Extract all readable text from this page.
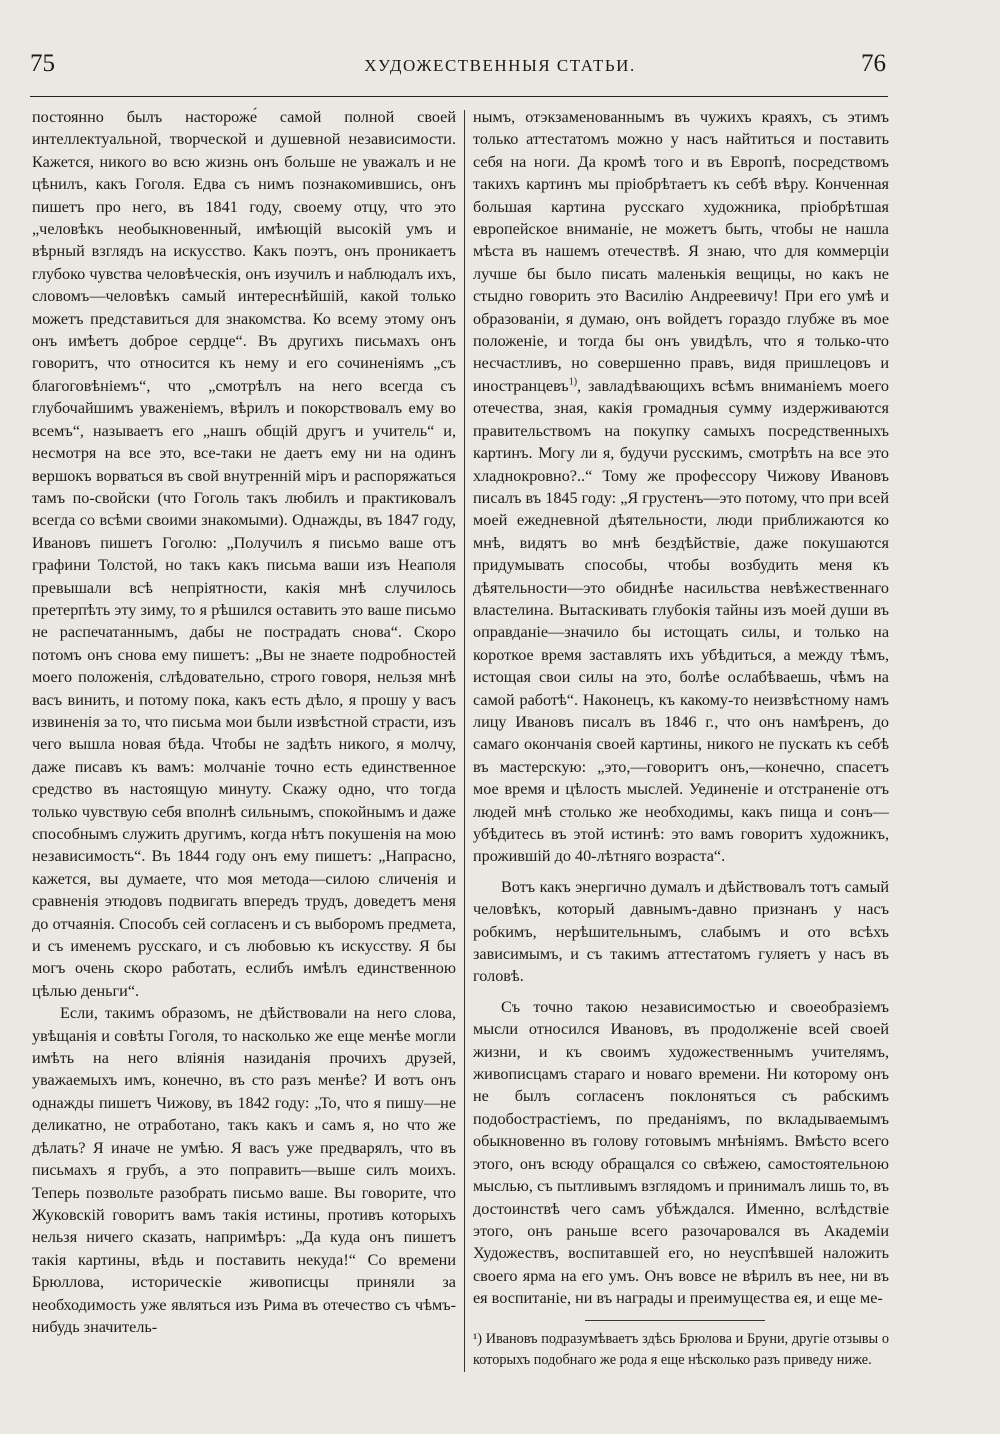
75	ХУДОЖЕСТВЕННЫЯ СТАТЬИ.	76

постоянно былъ настороже́ самой полной своей интеллектуальной, творческой и душевной независимости. Кажется, никого во всю жизнь онъ больше не уважалъ и не цѣнилъ, какъ Гоголя. Едва съ нимъ познакомившись, онъ пишетъ про него, въ 1841 году, своему отцу, что это „человѣкъ необыкновенный, имѣющій высокій умъ и вѣрный взглядъ на искусство. Какъ поэтъ, онъ проникаетъ глубоко чувства человѣческія, онъ изучилъ и наблюдалъ ихъ, словомъ—человѣкъ самый интереснѣйшій, какой только можетъ представиться для знакомства. Ко всему этому онъ онъ имѣетъ доброе сердце“. Въ другихъ письмахъ онъ говоритъ, что относится къ нему и его сочиненіямъ „съ благоговѣніемъ“, что „смотрѣлъ на него всегда съ глубочайшимъ уваженіемъ, вѣрилъ и покорствовалъ ему во всемъ“, называетъ его „нашъ общій другъ и учитель“ и, несмотря на все это, все-таки не даетъ ему ни на одинъ вершокъ ворваться въ свой внутренній міръ и распоряжаться тамъ по-свойски (что Гоголь такъ любилъ и практиковалъ всегда со всѣми своими знакомыми). Однажды, въ 1847 году, Ивановъ пишетъ Гоголю: „Получилъ я письмо ваше отъ графини Толстой, но такъ какъ письма ваши изъ Неаполя превышали всѣ непріятности, какія мнѣ случилось претерпѣть эту зиму, то я рѣшился оставить это ваше письмо не распечатаннымъ, дабы не пострадать снова“. Скоро потомъ онъ снова ему пишетъ: „Вы не знаете подробностей моего положенія, слѣдовательно, строго говоря, нельзя мнѣ васъ винить, и потому пока, какъ есть дѣло, я прошу у васъ извиненія за то, что письма мои были извѣстной страсти, изъ чего вышла новая бѣда. Чтобы не задѣть никого, я молчу, даже писавъ къ вамъ: молчаніе точно есть единственное средство въ настоящую минуту. Скажу одно, что тогда только чувствую себя вполнѣ сильнымъ, спокойнымъ и даже способнымъ служить другимъ, когда нѣтъ покушенія на мою независимость“. Въ 1844 году онъ ему пишетъ: „Напрасно, кажется, вы думаете, что моя метода—силою сличенія и сравненія этюдовъ подвигать впередъ трудъ, доведетъ меня до отчаянія. Способъ сей согласенъ и съ выборомъ предмета, и съ именемъ русскаго, и съ любовью къ искусству. Я бы могъ очень скоро работать, еслибъ имѣлъ единственною цѣлью деньги“.

Если, такимъ образомъ, не дѣйствовали на него слова, увѣщанія и совѣты Гоголя, то насколько же еще менѣе могли имѣть на него вліянія назиданія прочихъ друзей, уважаемыхъ имъ, конечно, въ сто разъ менѣе? И вотъ онъ однажды пишетъ Чижову, въ 1842 году: „То, что я пишу—не деликатно, не отработано, такъ какъ и самъ я, но что же дѣлать? Я иначе не умѣю. Я васъ уже предварялъ, что въ письмахъ я грубъ, а это поправить—выше силъ моихъ. Теперь позвольте разобрать письмо ваше. Вы говорите, что Жуковскій говоритъ вамъ такія истины, противъ которыхъ нельзя ничего сказать, напримѣръ: „Да куда онъ пишетъ такія картины, вѣдь и поставить некуда!“ Со времени Брюллова, историческіе живописцы приняли за необходимость уже являться изъ Рима въ отечество съ чѣмъ-нибудь значитель-

нымъ, отэкзаменованнымъ въ чужихъ краяхъ, съ этимъ только аттестатомъ можно у насъ найтиться и поставить себя на ноги. Да кромѣ того и въ Европѣ, посредствомъ такихъ картинъ мы пріобрѣтаетъ къ себѣ вѣру. Конченная большая картина русскаго художника, пріобрѣтшая европейское вниманіе, не можетъ быть, чтобы не нашла мѣста въ нашемъ отечествѣ. Я знаю, что для коммерціи лучше бы было писать маленькія вещицы, но какъ не стыдно говорить это Василію Андреевичу! При его умѣ и образованіи, я думаю, онъ войдетъ гораздо глубже въ мое положеніе, и тогда бы онъ увидѣлъ, что я только-что несчастливъ, но совершенно правъ, видя пришлецовъ и иностранцевъ$^{1)}$, завладѣвающихъ всѣмъ вниманіемъ моего отечества, зная, какія громадныя сумму издерживаются правительствомъ на покупку самыхъ посредственныхъ картинъ. Могу ли я, будучи русскимъ, смотрѣть на все это хладнокровно?..“ Тому же профессору Чижову Ивановъ писалъ въ 1845 году: „Я грустенъ—это потому, что при всей моей ежедневной дѣятельности, люди приближаются ко мнѣ, видятъ во мнѣ бездѣйствіе, даже покушаются придумывать способы, чтобы возбудить меня къ дѣятельности—это обиднѣе насильства невѣжественнаго властелина. Вытаскивать глубокія тайны изъ моей души въ оправданіе—значило бы истощать силы, и только на короткое время заставлять ихъ убѣдиться, а между тѣмъ, истощая свои силы на это, болѣе ослабѣваешь, чѣмъ на самой работѣ“. Наконецъ, къ какому-то неизвѣстному намъ лицу Ивановъ писалъ въ 1846 г., что онъ намѣренъ, до самаго окончанія своей картины, никого не пускать къ себѣ въ мастерскую: „это,—говоритъ онъ,—конечно, спасетъ мое время и цѣлость мыслей. Уединеніе и отстраненіе отъ людей мнѣ столько же необходимы, какъ пища и сонъ—убѣдитесь въ этой истинѣ: это вамъ говоритъ художникъ, прожившій до 40-лѣтняго возраста“.

Вотъ какъ энергично думалъ и дѣйствовалъ тотъ самый человѣкъ, который давнымъ-давно признанъ у насъ робкимъ, нерѣшительнымъ, слабымъ и ото всѣхъ зависимымъ, и съ такимъ аттестатомъ гуляетъ у насъ въ головѣ.

Съ точно такою независимостью и своеобразіемъ мысли относился Ивановъ, въ продолженіе всей своей жизни, и къ своимъ художественнымъ учителямъ, живописцамъ стараго и новаго времени. Ни которому онъ не былъ согласенъ поклоняться съ рабскимъ подобострастіемъ, по преданіямъ, по вкладываемымъ обыкновенно въ голову готовымъ мнѣніямъ. Вмѣсто всего этого, онъ всюду обращался со свѣжею, самостоятельною мыслью, съ пытливымъ взглядомъ и принималъ лишь то, въ достоинствѣ чего самъ убѣждался. Именно, вслѣдствіе этого, онъ раньше всего разочаровался въ Академіи Художествъ, воспитавшей его, но неуспѣвшей наложить своего ярма на его умъ. Онъ вовсе не вѣрилъ въ нее, ни въ ея воспитаніе, ни въ награды и преимущества ея, и еще ме-

¹) Ивановъ подразумѣваетъ здѣсь Брюлова и Бруни, другіе отзывы о которыхъ подобнаго же рода я еще нѣсколько разъ приведу ниже.
